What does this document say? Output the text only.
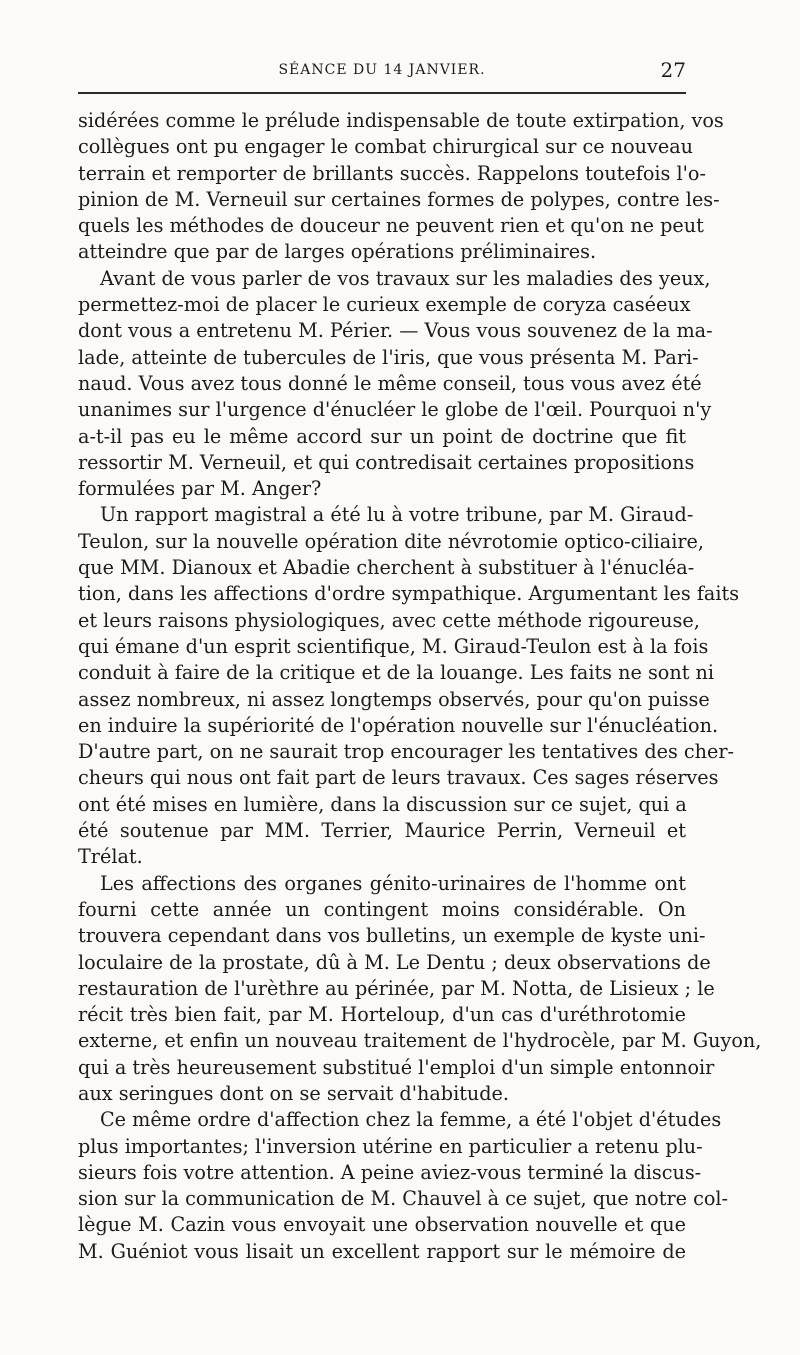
SÉANCE DU 14 JANVIER.	27
sidérées comme le prélude indispensable de toute extirpation, vos
collègues ont pu engager le combat chirurgical sur ce nouveau
terrain et remporter de brillants succès. Rappelons toutefois l'o-
pinion de M. Verneuil sur certaines formes de polypes, contre les-
quels les méthodes de douceur ne peuvent rien et qu'on ne peut
atteindre que par de larges opérations préliminaires.
Avant de vous parler de vos travaux sur les maladies des yeux,
permettez-moi de placer le curieux exemple de coryza caséeux
dont vous a entretenu M. Périer. — Vous vous souvenez de la ma-
lade, atteinte de tubercules de l'iris, que vous présenta M. Pari-
naud. Vous avez tous donné le même conseil, tous vous avez été
unanimes sur l'urgence d'énucléer le globe de l'œil. Pourquoi n'y
a-t-il pas eu le même accord sur un point de doctrine que fit
ressortir M. Verneuil, et qui contredisait certaines propositions
formulées par M. Anger?
Un rapport magistral a été lu à votre tribune, par M. Giraud-
Teulon, sur la nouvelle opération dite névrotomie optico-ciliaire,
que MM. Dianoux et Abadie cherchent à substituer à l'énucléa-
tion, dans les affections d'ordre sympathique. Argumentant les faits
et leurs raisons physiologiques, avec cette méthode rigoureuse,
qui émane d'un esprit scientifique, M. Giraud-Teulon est à la fois
conduit à faire de la critique et de la louange. Les faits ne sont ni
assez nombreux, ni assez longtemps observés, pour qu'on puisse
en induire la supériorité de l'opération nouvelle sur l'énucléation.
D'autre part, on ne saurait trop encourager les tentatives des cher-
cheurs qui nous ont fait part de leurs travaux. Ces sages réserves
ont été mises en lumière, dans la discussion sur ce sujet, qui a
été soutenue par MM. Terrier, Maurice Perrin, Verneuil et
Trélat.
Les affections des organes génito-urinaires de l'homme ont
fourni cette année un contingent moins considérable. On
trouvera cependant dans vos bulletins, un exemple de kyste uni-
loculaire de la prostate, dû à M. Le Dentu ; deux observations de
restauration de l'urèthre au périnée, par M. Notta, de Lisieux ; le
récit très bien fait, par M. Horteloup, d'un cas d'uréthrotomie
externe, et enfin un nouveau traitement de l'hydrocèle, par M. Guyon,
qui a très heureusement substitué l'emploi d'un simple entonnoir
aux seringues dont on se servait d'habitude.
Ce même ordre d'affection chez la femme, a été l'objet d'études
plus importantes; l'inversion utérine en particulier a retenu plu-
sieurs fois votre attention. A peine aviez-vous terminé la discus-
sion sur la communication de M. Chauvel à ce sujet, que notre col-
lègue M. Cazin vous envoyait une observation nouvelle et que
M. Guéniot vous lisait un excellent rapport sur le mémoire de
